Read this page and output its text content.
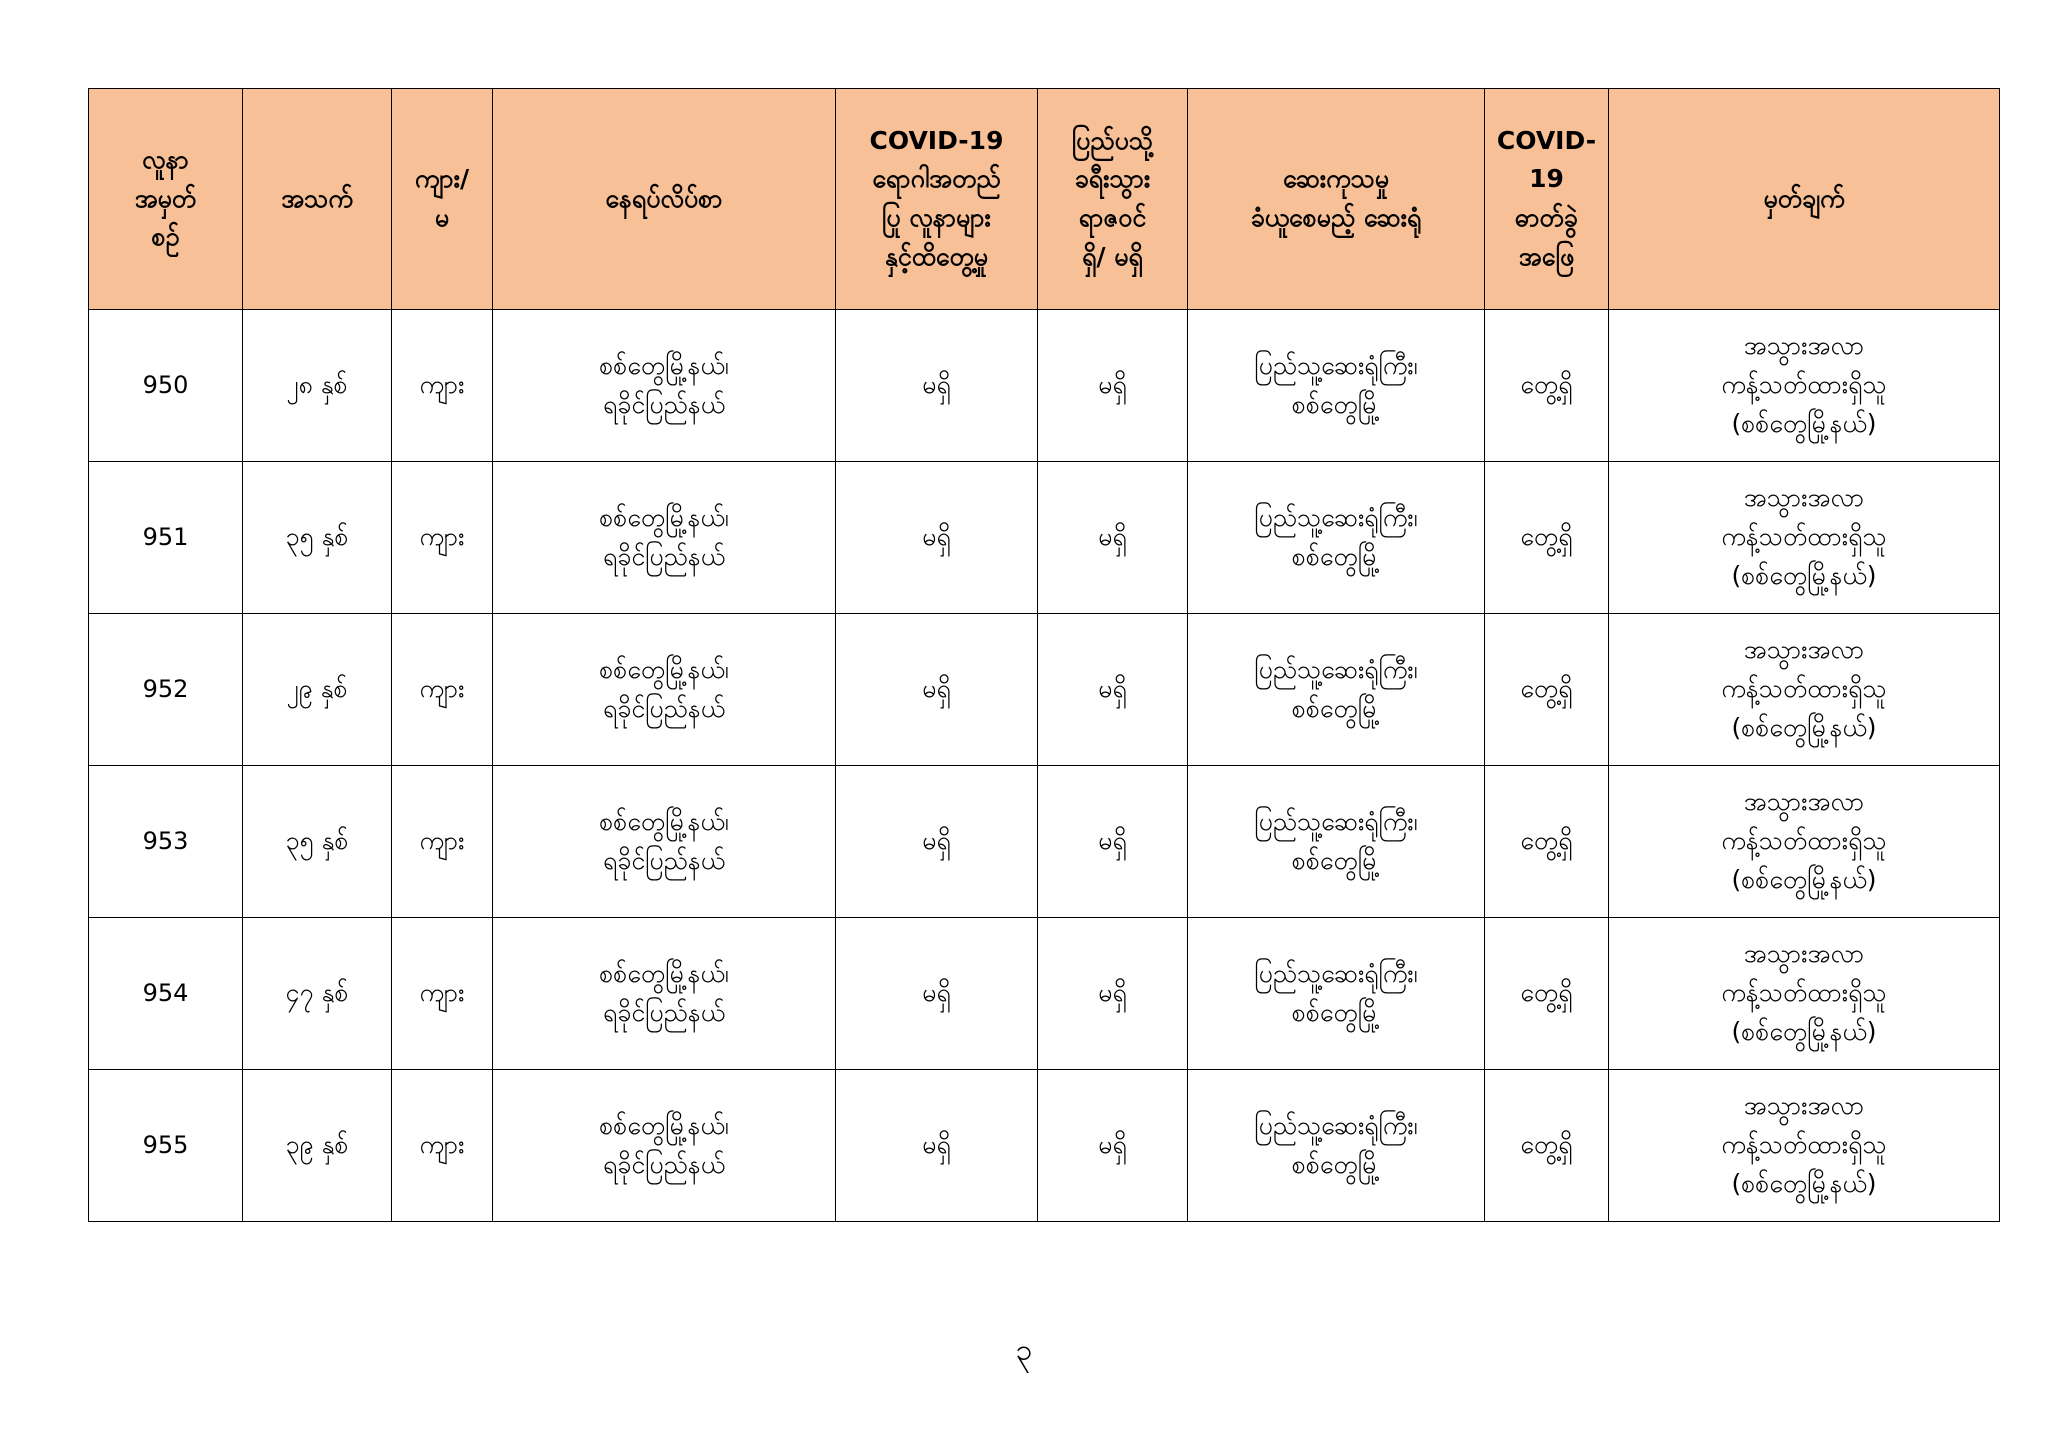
လူနာ
အမှတ်
စဉ်	အသက်	ကျား/
မ	နေရပ်လိပ်စာ	COVID-19
ရောဂါအတည်
ပြု လူနာများ
နှင့်ထိတွေ့မှု	ပြည်ပသို့
ခရီးသွား
ရာဇဝင်
ရှိ/ မရှိ	ဆေးကုသမှု
ခံယူစေမည့် ဆေးရုံ	COVID-
19
ဓာတ်ခွဲ
အဖြေ	မှတ်ချက်
950	၂၈ နှစ်	ကျား	စစ်တွေမြို့နယ်၊
ရခိုင်ပြည်နယ်	မရှိ	မရှိ	ပြည်သူ့ဆေးရုံကြီး၊
စစ်တွေမြို့	တွေ့ရှိ	အသွားအလာ
ကန့်သတ်ထားရှိသူ
(စစ်တွေမြို့နယ်)
951	၃၅ နှစ်	ကျား	စစ်တွေမြို့နယ်၊
ရခိုင်ပြည်နယ်	မရှိ	မရှိ	ပြည်သူ့ဆေးရုံကြီး၊
စစ်တွေမြို့	တွေ့ရှိ	အသွားအလာ
ကန့်သတ်ထားရှိသူ
(စစ်တွေမြို့နယ်)
952	၂၉ နှစ်	ကျား	စစ်တွေမြို့နယ်၊
ရခိုင်ပြည်နယ်	မရှိ	မရှိ	ပြည်သူ့ဆေးရုံကြီး၊
စစ်တွေမြို့	တွေ့ရှိ	အသွားအလာ
ကန့်သတ်ထားရှိသူ
(စစ်တွေမြို့နယ်)
953	၃၅ နှစ်	ကျား	စစ်တွေမြို့နယ်၊
ရခိုင်ပြည်နယ်	မရှိ	မရှိ	ပြည်သူ့ဆေးရုံကြီး၊
စစ်တွေမြို့	တွေ့ရှိ	အသွားအလာ
ကန့်သတ်ထားရှိသူ
(စစ်တွေမြို့နယ်)
954	၄၇ နှစ်	ကျား	စစ်တွေမြို့နယ်၊
ရခိုင်ပြည်နယ်	မရှိ	မရှိ	ပြည်သူ့ဆေးရုံကြီး၊
စစ်တွေမြို့	တွေ့ရှိ	အသွားအလာ
ကန့်သတ်ထားရှိသူ
(စစ်တွေမြို့နယ်)
955	၃၉ နှစ်	ကျား	စစ်တွေမြို့နယ်၊
ရခိုင်ပြည်နယ်	မရှိ	မရှိ	ပြည်သူ့ဆေးရုံကြီး၊
စစ်တွေမြို့	တွေ့ရှိ	အသွားအလာ
ကန့်သတ်ထားရှိသူ
(စစ်တွေမြို့နယ်)
၃
